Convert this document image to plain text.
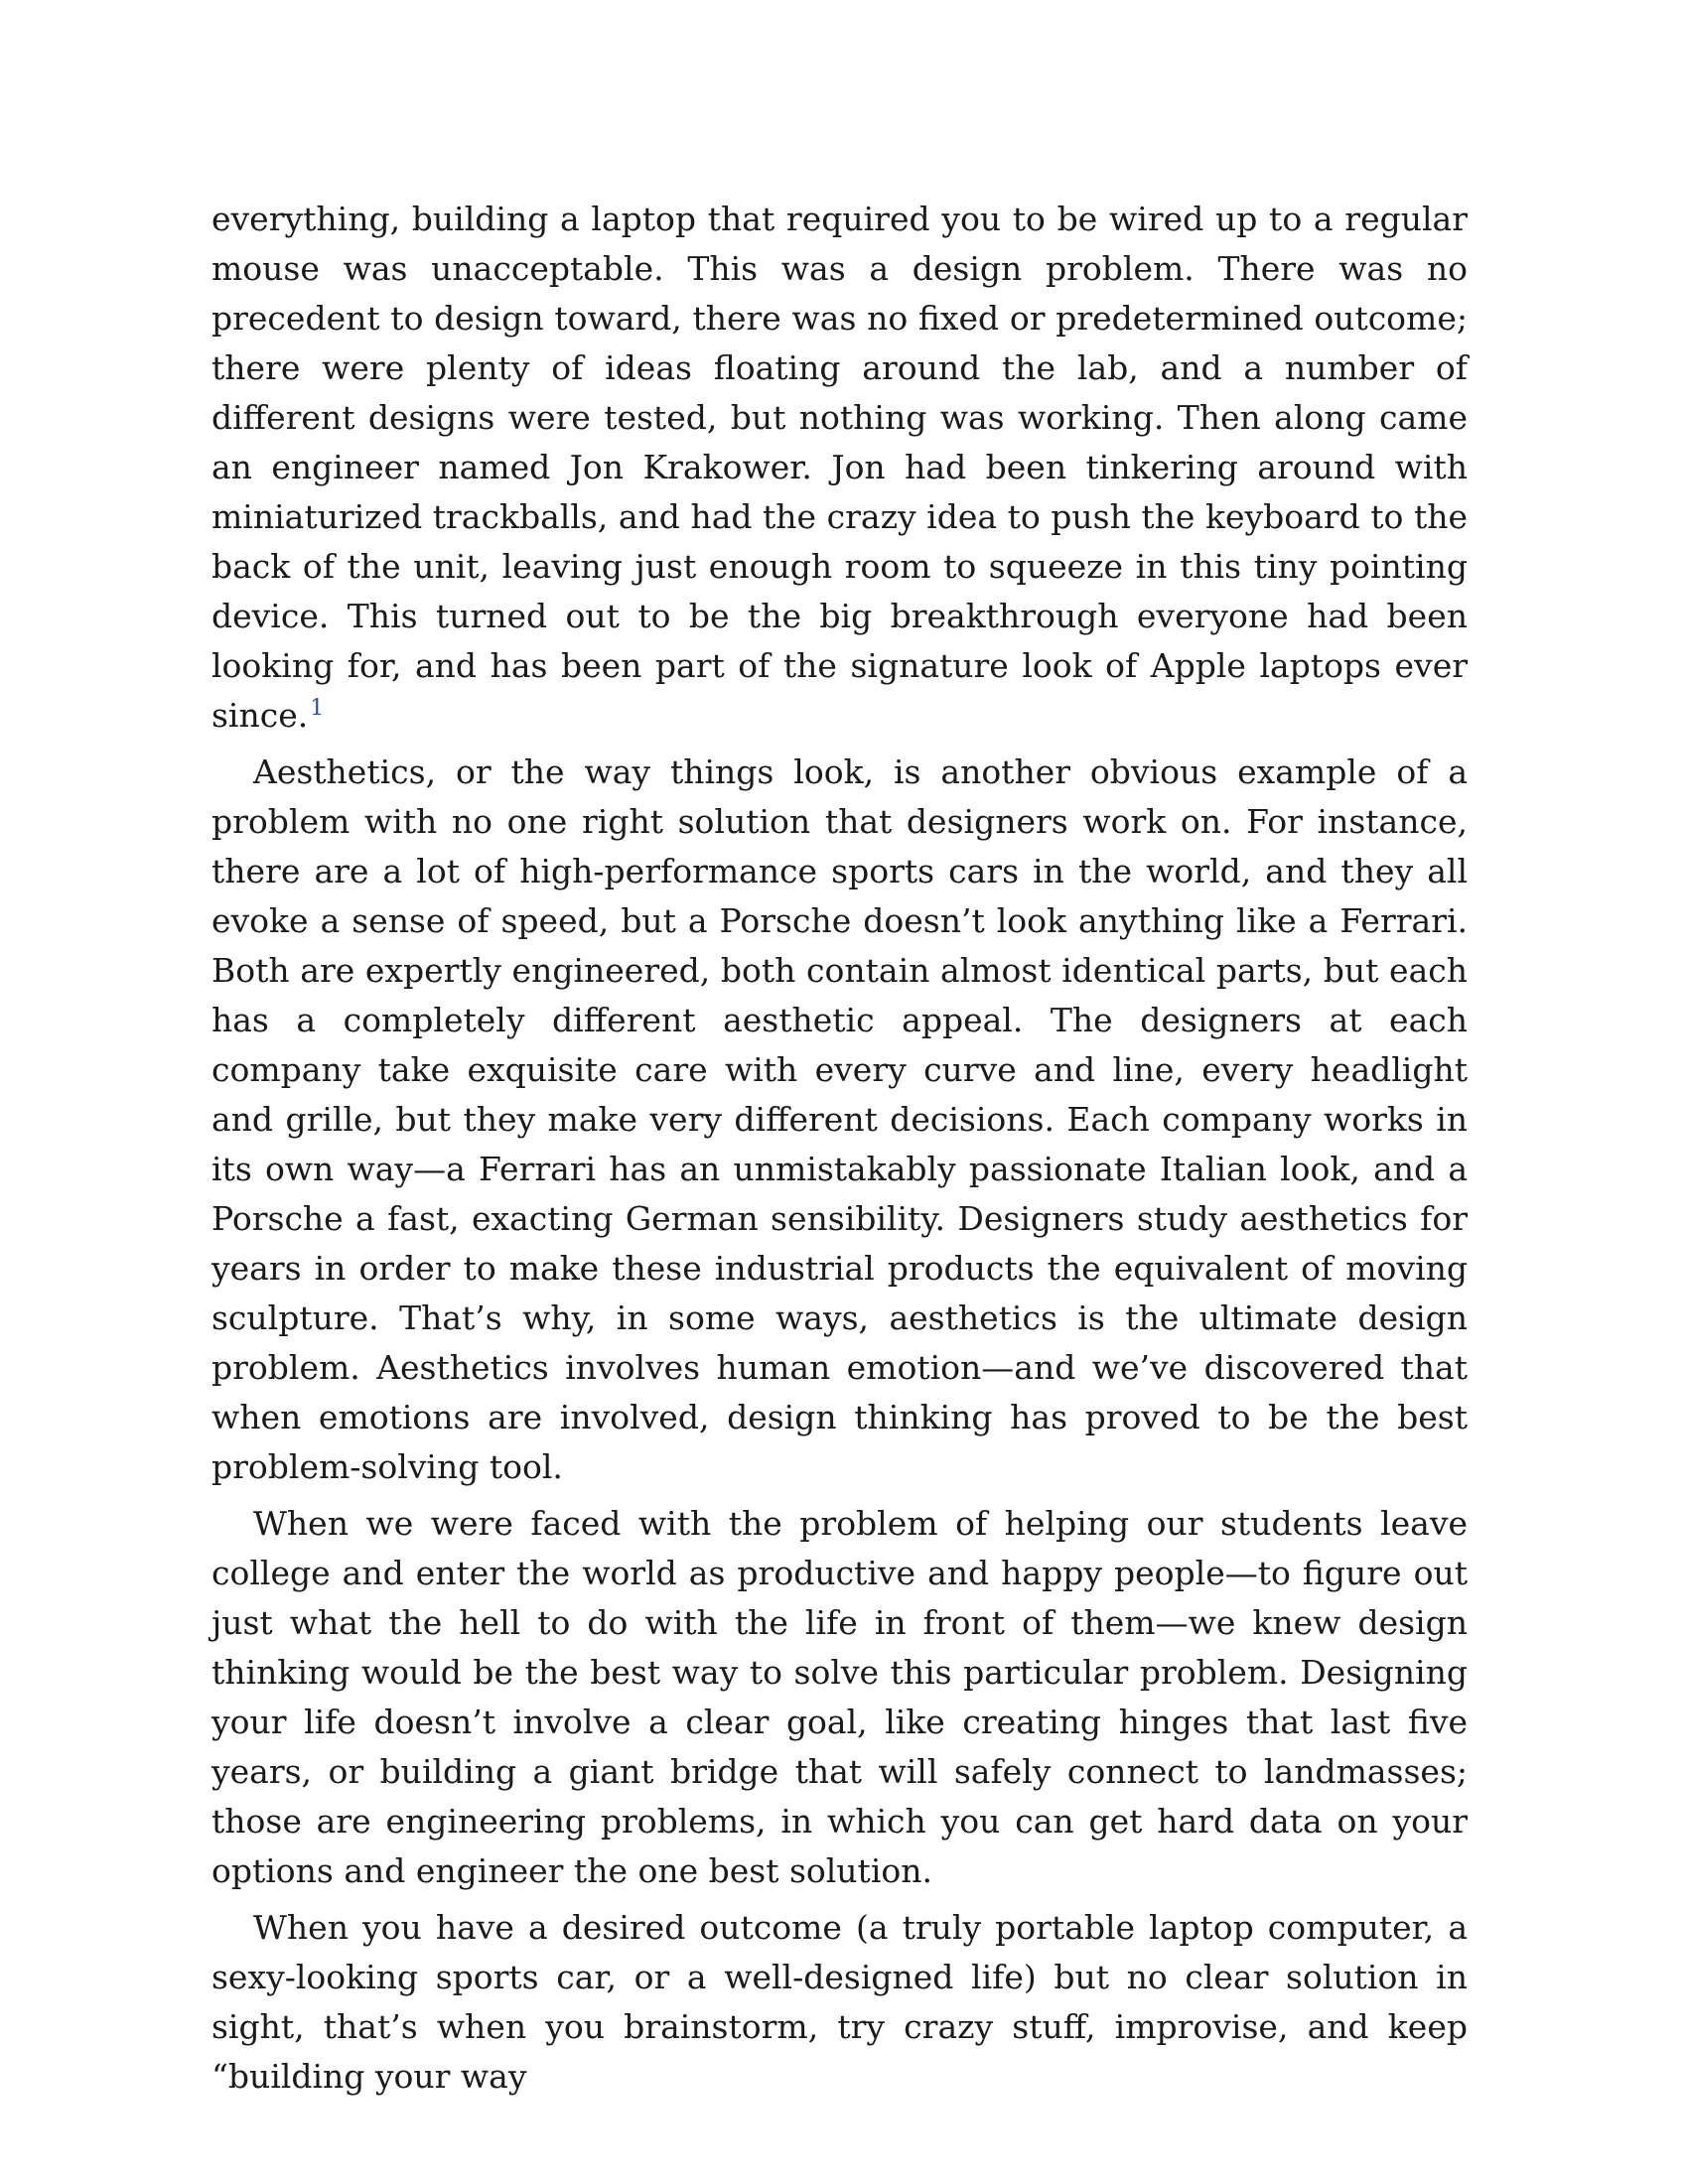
everything, building a laptop that required you to be wired up to a regular mouse was unacceptable. This was a design problem. There was no precedent to design toward, there was no fixed or predetermined outcome; there were plenty of ideas floating around the lab, and a number of different designs were tested, but nothing was working. Then along came an engineer named Jon Krakower. Jon had been tinkering around with miniaturized trackballs, and had the crazy idea to push the keyboard to the back of the unit, leaving just enough room to squeeze in this tiny pointing device. This turned out to be the big breakthrough everyone had been looking for, and has been part of the signature look of Apple laptops ever since.$^1$

Aesthetics, or the way things look, is another obvious example of a problem with no one right solution that designers work on. For instance, there are a lot of high-performance sports cars in the world, and they all evoke a sense of speed, but a Porsche doesn’t look anything like a Ferrari. Both are expertly engineered, both contain almost identical parts, but each has a completely different aesthetic appeal. The designers at each company take exquisite care with every curve and line, every headlight and grille, but they make very different decisions. Each company works in its own way—a Ferrari has an unmistakably passionate Italian look, and a Porsche a fast, exacting German sensibility. Designers study aesthetics for years in order to make these industrial products the equivalent of moving sculpture. That’s why, in some ways, aesthetics is the ultimate design problem. Aesthetics involves human emotion—and we’ve discovered that when emotions are involved, design thinking has proved to be the best problem-solving tool.

When we were faced with the problem of helping our students leave college and enter the world as productive and happy people—to figure out just what the hell to do with the life in front of them—we knew design thinking would be the best way to solve this particular problem. Designing your life doesn’t involve a clear goal, like creating hinges that last five years, or building a giant bridge that will safely connect to landmasses; those are engineering problems, in which you can get hard data on your options and engineer the one best solution.

When you have a desired outcome (a truly portable laptop computer, a sexy-looking sports car, or a well-designed life) but no clear solution in sight, that’s when you brainstorm, try crazy stuff, improvise, and keep “building your way
